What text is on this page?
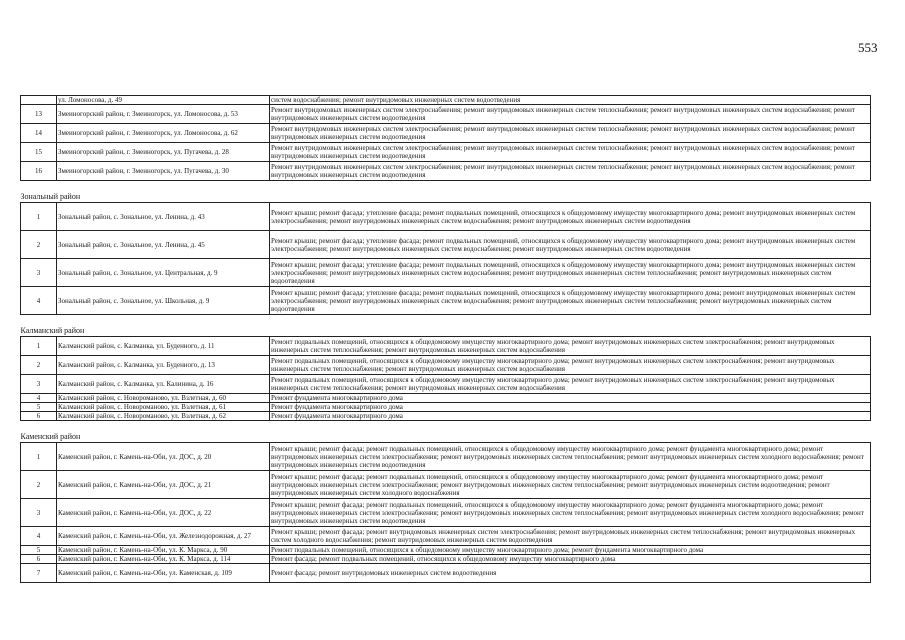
553
	ул. Ломоносова, д. 49	систем водоснабжения; ремонт внутридомовых инженерных систем водоотведения
13	Змеиногорский район, г. Змеиногорск, ул. Ломоносова, д. 53	Ремонт внутридомовых инженерных систем электроснабжения; ремонт внутридомовых инженерных систем теплоснабжения; ремонт внутридомовых инженерных систем водоснабжения; ремонт внутридомовых инженерных систем водоотведения
14	Змеиногорский район, г. Змеиногорск, ул. Ломоносова, д. 62	Ремонт внутридомовых инженерных систем электроснабжения; ремонт внутридомовых инженерных систем теплоснабжения; ремонт внутридомовых инженерных систем водоснабжения; ремонт внутридомовых инженерных систем водоотведения
15	Змеиногорский район, г. Змеиногорск, ул. Пугачева, д. 28	Ремонт внутридомовых инженерных систем электроснабжения; ремонт внутридомовых инженерных систем теплоснабжения; ремонт внутридомовых инженерных систем водоснабжения; ремонт внутридомовых инженерных систем водоотведения
16	Змеиногорский район, г. Змеиногорск, ул. Пугачева, д. 30	Ремонт внутридомовых инженерных систем электроснабжения; ремонт внутридомовых инженерных систем теплоснабжения; ремонт внутридомовых инженерных систем водоснабжения; ремонт внутридомовых инженерных систем водоотведения

Зональный район		
1	Зональный район, с. Зональное, ул. Ленина, д. 43	Ремонт крыши; ремонт фасада; утепление фасада; ремонт подвальных помещений, относящихся к общедомовому имуществу многоквартирного дома; ремонт внутридомовых инженерных систем электроснабжения; ремонт внутридомовых инженерных систем водоснабжения; ремонт внутридомовых инженерных систем водоотведения
2	Зональный район, с. Зональное, ул. Ленина, д. 45	Ремонт крыши; ремонт фасада; утепление фасада; ремонт подвальных помещений, относящихся к общедомовому имуществу многоквартирного дома; ремонт внутридомовых инженерных систем электроснабжения; ремонт внутридомовых инженерных систем водоснабжения; ремонт внутридомовых инженерных систем водоотведения
3	Зональный район, с. Зональное, ул. Центральная, д. 9	Ремонт крыши; ремонт фасада; утепление фасада; ремонт подвальных помещений, относящихся к общедомовому имуществу многоквартирного дома; ремонт внутридомовых инженерных систем электроснабжения; ремонт внутридомовых инженерных систем водоснабжения; ремонт внутридомовых инженерных систем теплоснабжения; ремонт внутридомовых инженерных систем водоотведения
4	Зональный район, с. Зональное, ул. Школьная, д. 9	Ремонт крыши; ремонт фасада; утепление фасада; ремонт подвальных помещений, относящихся к общедомовому имуществу многоквартирного дома; ремонт внутридомовых инженерных систем электроснабжения; ремонт внутридомовых инженерных систем водоснабжения; ремонт внутридомовых инженерных систем теплоснабжения; ремонт внутридомовых инженерных систем водоотведения

Калманский район		
1	Калманский район, с. Калманка, ул. Буденного, д. 11	Ремонт подвальных помещений, относящихся к общедомовому имуществу многоквартирного дома; ремонт внутридомовых инженерных систем электроснабжения; ремонт внутридомовых инженерных систем теплоснабжения; ремонт внутридомовых инженерных систем водоснабжения
2	Калманский район, с. Калманка, ул. Буденного, д. 13	Ремонт подвальных помещений, относящихся к общедомовому имуществу многоквартирного дома; ремонт внутридомовых инженерных систем электроснабжения; ремонт внутридомовых инженерных систем теплоснабжения; ремонт внутридомовых инженерных систем водоснабжения
3	Калманский район, с. Калманка, ул. Калинина, д. 16	Ремонт подвальных помещений, относящихся к общедомовому имуществу многоквартирного дома; ремонт внутридомовых инженерных систем электроснабжения; ремонт внутридомовых инженерных систем теплоснабжения; ремонт внутридомовых инженерных систем водоснабжения
4	Калманский район, с. Новороманово, ул. Взлетная, д. 60	Ремонт фундамента многоквартирного дома
5	Калманский район, с. Новороманово, ул. Взлетная, д. 61	Ремонт фундамента многоквартирного дома
6	Калманский район, с. Новороманово, ул. Взлетная, д. 62	Ремонт фундамента многоквартирного дома

Каменский район		
1	Каменский район, г. Камень-на-Оби, ул. ДОС, д. 20	Ремонт крыши; ремонт фасада; ремонт подвальных помещений, относящихся к общедомовому имуществу многоквартирного дома; ремонт фундамента многоквартирного дома; ремонт внутридомовых инженерных систем электроснабжения; ремонт внутридомовых инженерных систем теплоснабжения; ремонт внутридомовых инженерных систем холодного водоснабжения; ремонт внутридомовых инженерных систем водоотведения
2	Каменский район, г. Камень-на-Оби, ул. ДОС, д. 21	Ремонт крыши; ремонт фасада; ремонт подвальных помещений, относящихся к общедомовому имуществу многоквартирного дома; ремонт фундамента многоквартирного дома; ремонт внутридомовых инженерных систем электроснабжения; ремонт внутридомовых инженерных систем теплоснабжения; ремонт внутридомовых инженерных систем водоотведения; ремонт внутридомовых инженерных систем холодного водоснабжения
3	Каменский район, г. Камень-на-Оби, ул. ДОС, д. 22	Ремонт крыши; ремонт фасада; ремонт подвальных помещений, относящихся к общедомовому имуществу многоквартирного дома; ремонт фундамента многоквартирного дома; ремонт внутридомовых инженерных систем электроснабжения; ремонт внутридомовых инженерных систем теплоснабжения; ремонт внутридомовых инженерных систем холодного водоснабжения; ремонт внутридомовых инженерных систем водоотведения
4	Каменский район, г. Камень-на-Оби, ул. Железнодорожная, д. 27	Ремонт крыши; ремонт фасада; ремонт внутридомовых инженерных систем электроснабжения; ремонт внутридомовых инженерных систем теплоснабжения; ремонт внутридомовых инженерных систем холодного водоснабжения; ремонт внутридомовых инженерных систем водоотведения
5	Каменский район, г. Камень-на-Оби, ул. К. Маркса, д. 90	Ремонт подвальных помещений, относящихся к общедомовому имуществу многоквартирного дома; ремонт фундамента многоквартирного дома
6	Каменский район, г. Камень-на-Оби, ул. К. Маркса, д. 114	Ремонт фасада; ремонт подвальных помещений, относящихся к общедомовому имуществу многоквартирного дома
7	Каменский район, г. Камень-на-Оби, ул. Каменская, д. 109	Ремонт фасада; ремонт внутридомовых инженерных систем водоотведения
